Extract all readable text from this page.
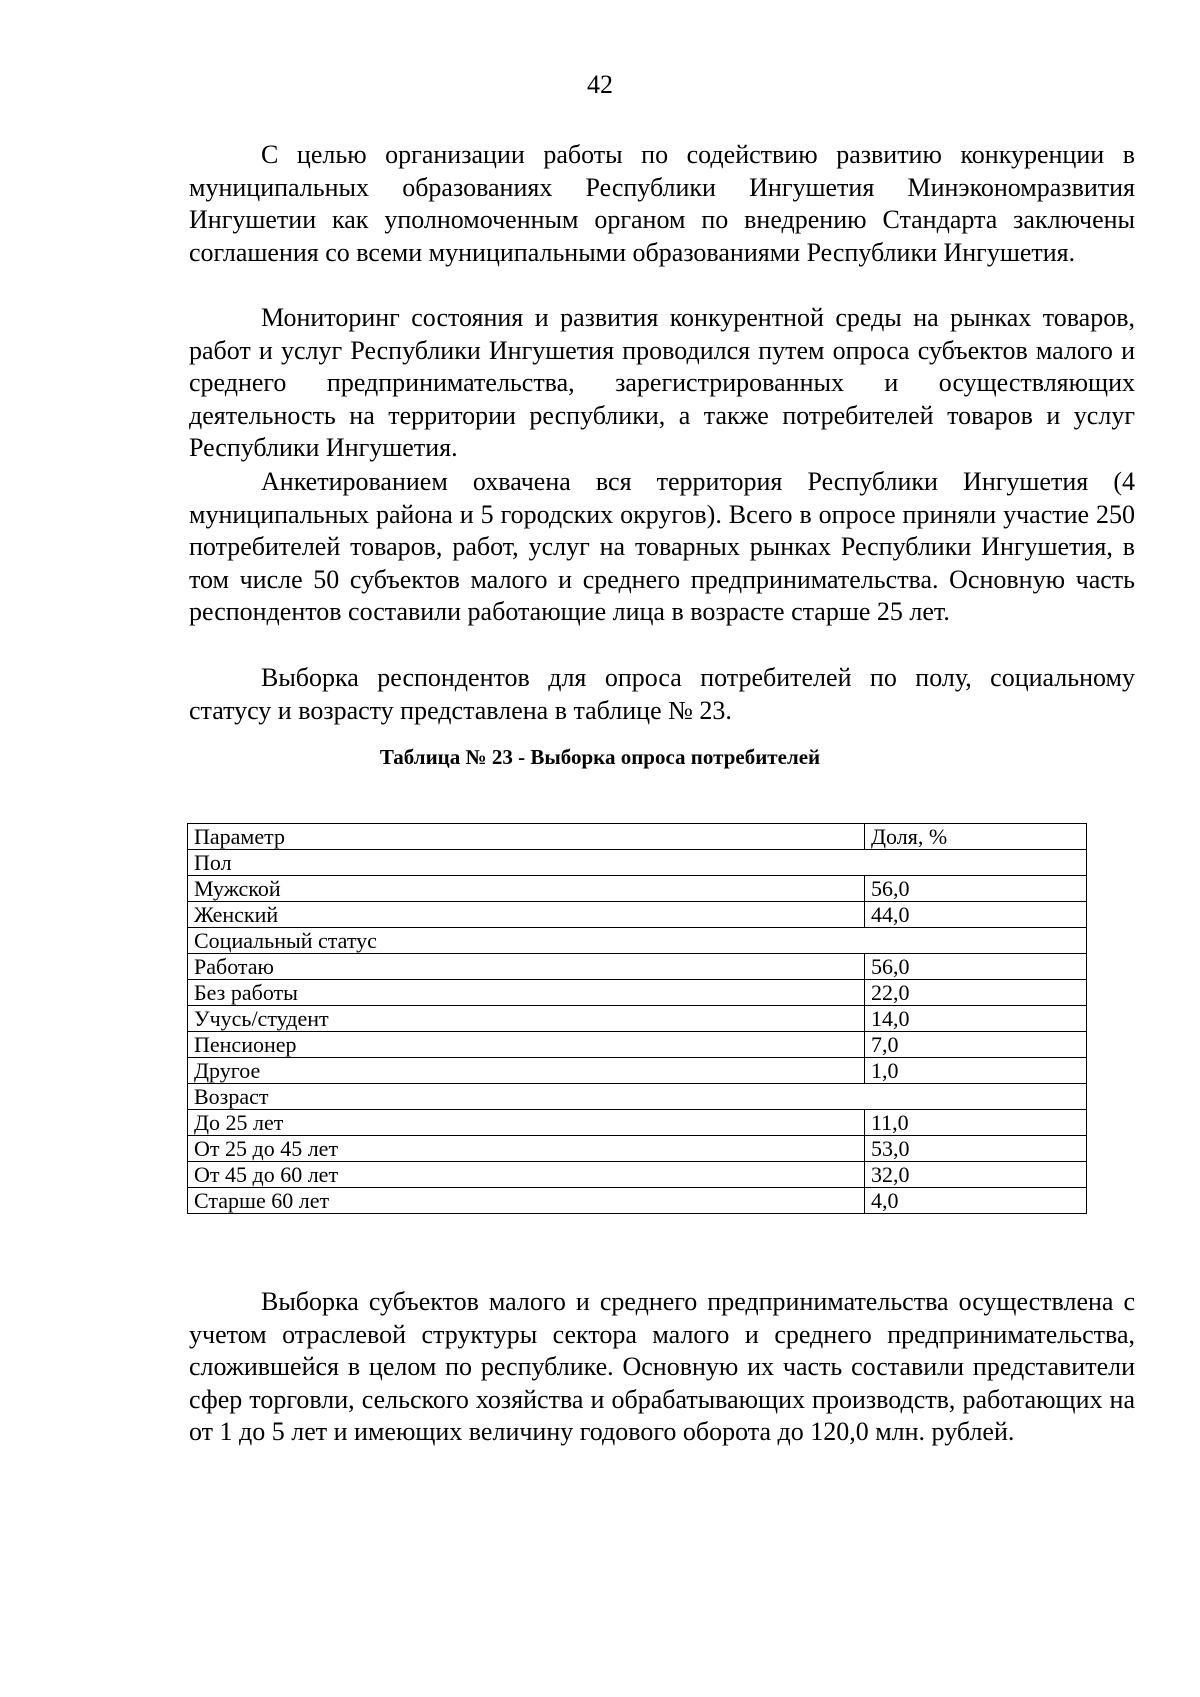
42

С целью организации работы по содействию развитию конкуренции в муниципальных образованиях Республики Ингушетия Минэкономразвития Ингушетии как уполномоченным органом по внедрению Стандарта заключены соглашения со всеми муниципальными образованиями Республики Ингушетия.

Мониторинг состояния и развития конкурентной среды на рынках товаров, работ и услуг Республики Ингушетия проводился путем опроса субъектов малого и среднего предпринимательства, зарегистрированных и осуществляющих деятельность на территории республики, а также потребителей товаров и услуг Республики Ингушетия.

Анкетированием охвачена вся территория Республики Ингушетия (4 муниципальных района и 5 городских округов). Всего в опросе приняли участие 250 потребителей товаров, работ, услуг на товарных рынках Республики Ингушетия, в том числе 50 субъектов малого и среднего предпринимательства. Основную часть респондентов составили работающие лица в возрасте старше 25 лет.

Выборка респондентов для опроса потребителей по полу, социальному статусу и возрасту представлена в таблице № 23.

Таблица № 23 - Выборка опроса потребителей
Параметр	Доля, %
Пол	
Мужской	56,0
Женский	44,0
Социальный статус	
Работаю	56,0
Без работы	22,0
Учусь/студент	14,0
Пенсионер	7,0
Другое	1,0
Возраст	
До 25 лет	11,0
От 25 до 45 лет	53,0
От 45 до 60 лет	32,0
Старше 60 лет	4,0

Выборка субъектов малого и среднего предпринимательства осуществлена с учетом отраслевой структуры сектора малого и среднего предпринимательства, сложившейся в целом по республике. Основную их часть составили представители сфер торговли, сельского хозяйства и обрабатывающих производств, работающих на от 1 до 5 лет и имеющих величину годового оборота до 120,0 млн. рублей.
